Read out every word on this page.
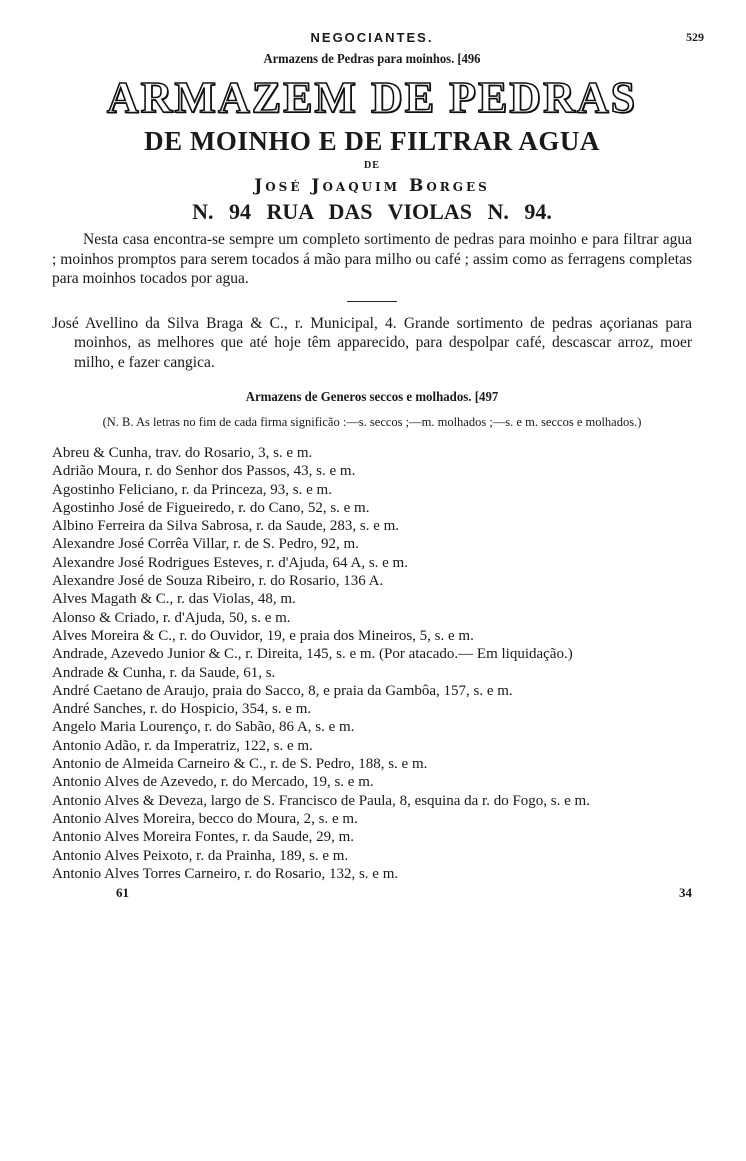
NEGOCIANTES.	529
Armazens de Pedras para moinhos. [496
ARMAZEM DE PEDRAS
DE MOINHO E DE FILTRAR AGUA
DE
José Joaquim Borges
N. 94 RUA DAS VIOLAS N. 94.

Nesta casa encontra-se sempre um completo sortimento de pedras para moinho e para filtrar agua ; moinhos promptos para serem tocados á mão para milho ou café ; assim como as ferragens completas para moinhos tocados por agua.

José Avellino da Silva Braga & C., r. Municipal, 4. Grande sortimento de pedras açorianas para moinhos, as melhores que até hoje têm apparecido, para despolpar café, descascar arroz, moer milho, e fazer cangica.

Armazens de Generos seccos e molhados. [497
(N. B. As letras no fim de cada firma significão :—s. seccos ;—m. molhados ;—s. e m. seccos e molhados.)
Abreu & Cunha, trav. do Rosario, 3, s. e m.
Adrião Moura, r. do Senhor dos Passos, 43, s. e m.
Agostinho Feliciano, r. da Princeza, 93, s. e m.
Agostinho José de Figueiredo, r. do Cano, 52, s. e m.
Albino Ferreira da Silva Sabrosa, r. da Saude, 283, s. e m.
Alexandre José Corrêa Villar, r. de S. Pedro, 92, m.
Alexandre José Rodrigues Esteves, r. d'Ajuda, 64 A, s. e m.
Alexandre José de Souza Ribeiro, r. do Rosario, 136 A.
Alves Magath & C., r. das Violas, 48, m.
Alonso & Criado, r. d'Ajuda, 50, s. e m.
Alves Moreira & C., r. do Ouvidor, 19, e praia dos Mineiros, 5, s. e m.
Andrade, Azevedo Junior & C., r. Direita, 145, s. e m. (Por atacado.— Em liquidação.)
Andrade & Cunha, r. da Saude, 61, s.
André Caetano de Araujo, praia do Sacco, 8, e praia da Gambôa, 157, s. e m.
André Sanches, r. do Hospicio, 354, s. e m.
Angelo Maria Lourenço, r. do Sabão, 86 A, s. e m.
Antonio Adão, r. da Imperatriz, 122, s. e m.
Antonio de Almeida Carneiro & C., r. de S. Pedro, 188, s. e m.
Antonio Alves de Azevedo, r. do Mercado, 19, s. e m.
Antonio Alves & Deveza, largo de S. Francisco de Paula, 8, esquina da r. do Fogo, s. e m.
Antonio Alves Moreira, becco do Moura, 2, s. e m.
Antonio Alves Moreira Fontes, r. da Saude, 29, m.
Antonio Alves Peixoto, r. da Prainha, 189, s. e m.
Antonio Alves Torres Carneiro, r. do Rosario, 132, s. e m.
61	34
